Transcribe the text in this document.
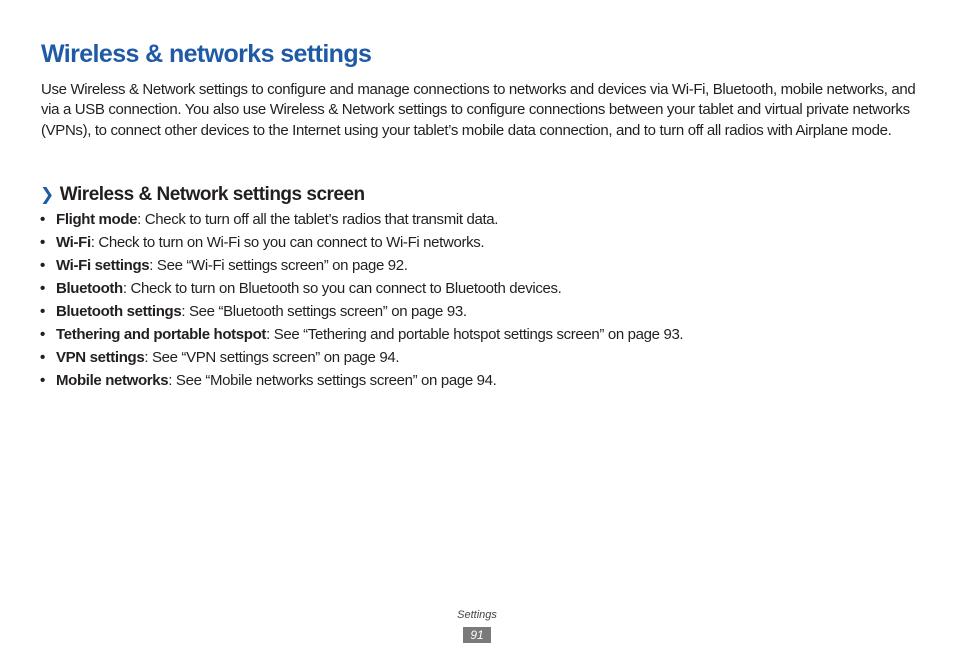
Wireless & networks settings

Use Wireless & Network settings to configure and manage connections to networks and devices via Wi-Fi, Bluetooth, mobile networks, and via a USB connection. You also use Wireless & Network settings to configure connections between your tablet and virtual private networks (VPNs), to connect other devices to the Internet using your tablet’s mobile data connection, and to turn off all radios with Airplane mode.

❯ Wireless & Network settings screen
• Flight mode: Check to turn off all the tablet’s radios that transmit data.
• Wi-Fi: Check to turn on Wi-Fi so you can connect to Wi-Fi networks.
• Wi-Fi settings: See “Wi-Fi settings screen” on page 92.
• Bluetooth: Check to turn on Bluetooth so you can connect to Bluetooth devices.
• Bluetooth settings: See “Bluetooth settings screen” on page 93.
• Tethering and portable hotspot: See “Tethering and portable hotspot settings screen” on page 93.
• VPN settings: See “VPN settings screen” on page 94.
• Mobile networks: See “Mobile networks settings screen” on page 94.
Settings
91
